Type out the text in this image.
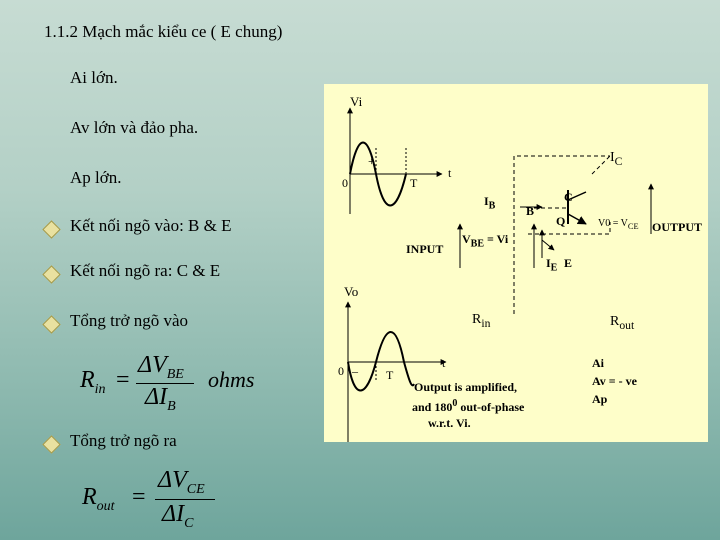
1.1.2 Mạch mắc kiểu ce ( E chung)
Ai lớn.
Av lớn và đảo pha.
Ap lớn.
Kết nối ngõ vào: B & E
Kết nối ngõ ra: C & E
Tổng trở ngõ vào
Tổng trở ngõ ra
$R_{in}$ =
$\Delta V_{BE}$
$\Delta I_B$
ohms
$R_{out}$ =
$\Delta V_{CE}$
$\Delta I_C$
Vi
+
0	T
t
$I_C$
$I_B$	B
C
Q	$V0 = V_{CE}$ OUTPUT
INPUT
$V_{BE} = Vi$
$I_E$ E
Vo
$R_{in}$	$R_{out}$
0 – T
t
Output is amplified,
and $180^0$ out-of-phase
w.r.t. Vi.
Ai
Av = - ve
Ap
